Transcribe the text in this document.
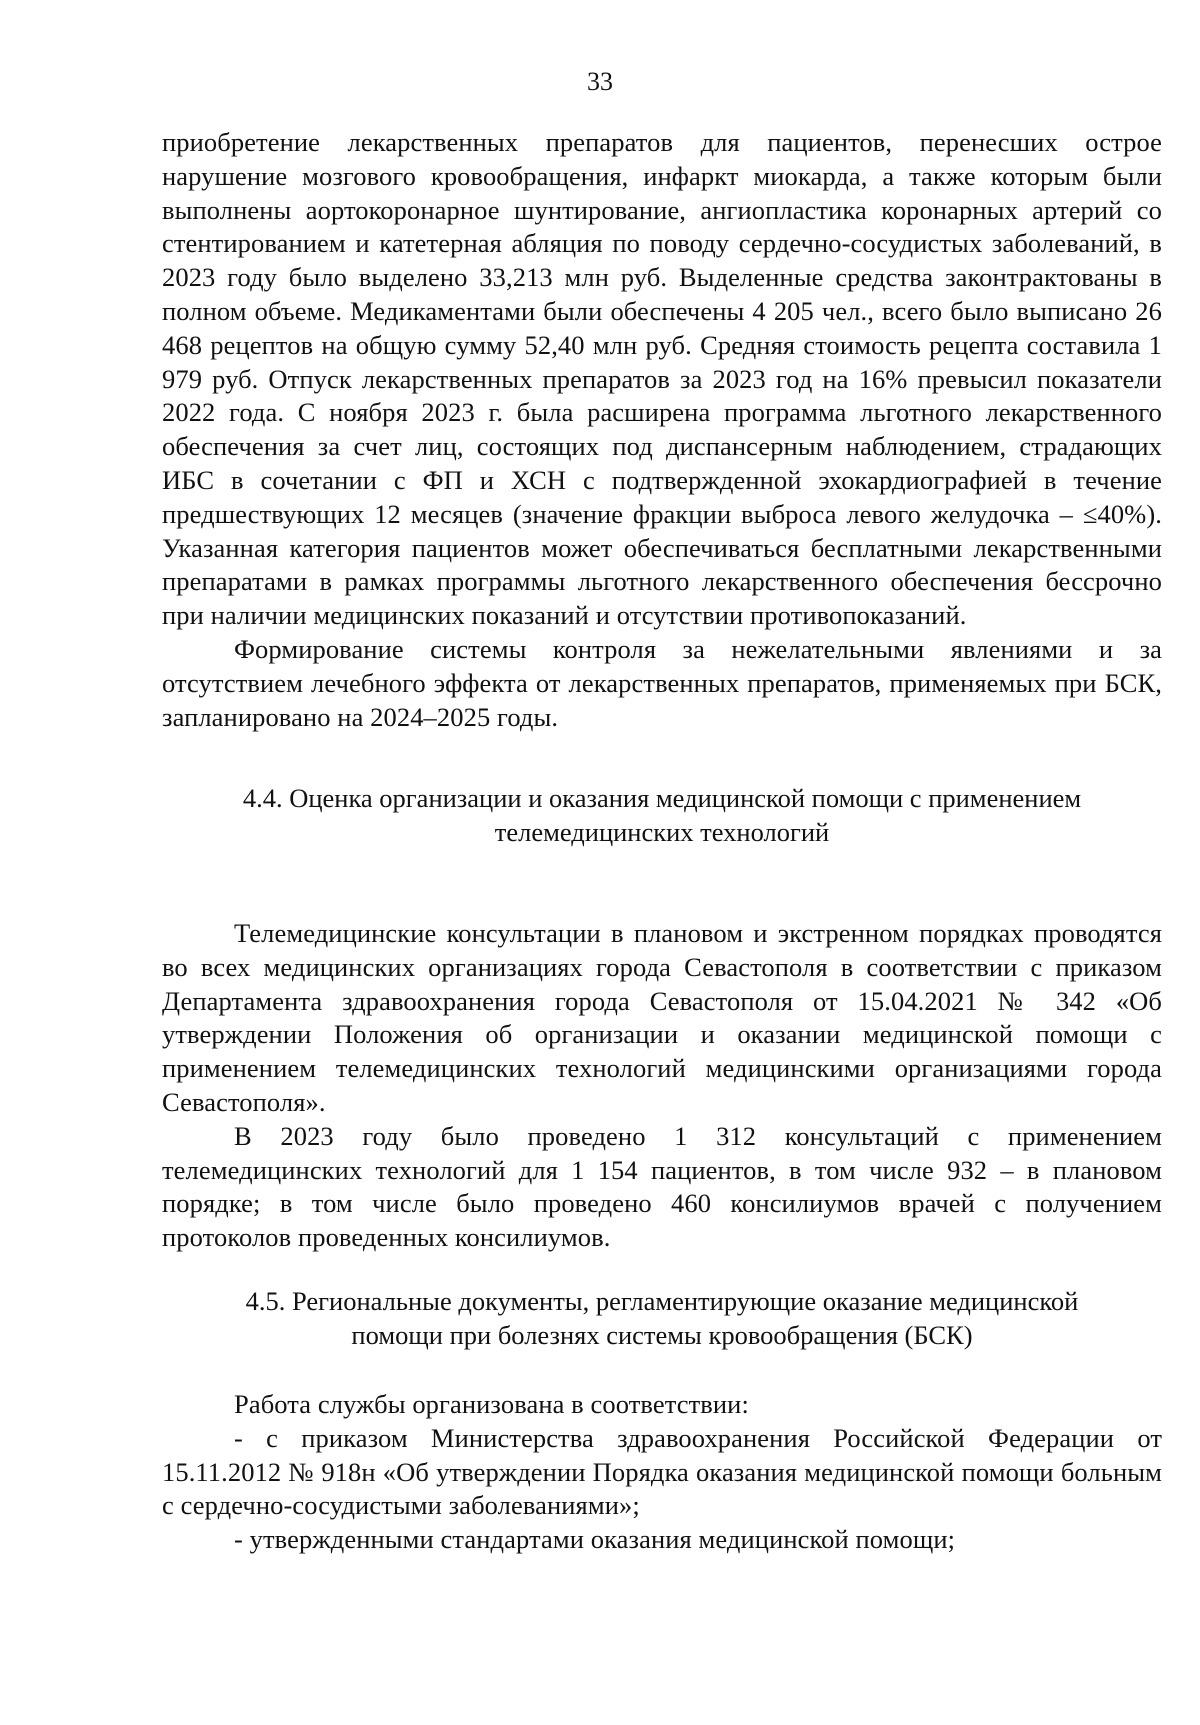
33

приобретение лекарственных препаратов для пациентов, перенесших острое нарушение мозгового кровообращения, инфаркт миокарда, а также которым были выполнены аортокоронарное шунтирование, ангиопластика коронарных артерий со стентированием и катетерная абляция по поводу сердечно-сосудистых заболеваний, в 2023 году было выделено 33,213 млн руб. Выделенные средства законтрактованы в полном объеме. Медикаментами были обеспечены 4 205 чел., всего было выписано 26 468 рецептов на общую сумму 52,40 млн руб. Средняя стоимость рецепта составила 1 979 руб. Отпуск лекарственных препаратов за 2023 год на 16% превысил показатели 2022 года. С ноября 2023 г. была расширена программа льготного лекарственного обеспечения за счет лиц, состоящих под диспансерным наблюдением, страдающих ИБС в сочетании с ФП и ХСН с подтвержденной эхокардиографией в течение предшествующих 12 месяцев (значение фракции выброса левого желудочка – ≤40%). Указанная категория пациентов может обеспечиваться бесплатными лекарственными препаратами в рамках программы льготного лекарственного обеспечения бессрочно при наличии медицинских показаний и отсутствии противопоказаний.

Формирование системы контроля за нежелательными явлениями и за отсутствием лечебного эффекта от лекарственных препаратов, применяемых при БСК, запланировано на 2024–2025 годы.

4.4. Оценка организации и оказания медицинской помощи с применением
телемедицинских технологий

Телемедицинские консультации в плановом и экстренном порядках проводятся во всех медицинских организациях города Севастополя в соответствии с приказом Департамента здравоохранения города Севастополя от 15.04.2021 № 342 «Об утверждении Положения об организации и оказании медицинской помощи с применением телемедицинских технологий медицинскими организациями города Севастополя».

В 2023 году было проведено 1 312 консультаций с применением телемедицинских технологий для 1 154 пациентов, в том числе 932 – в плановом порядке; в том числе было проведено 460 консилиумов врачей с получением протоколов проведенных консилиумов.

4.5. Региональные документы, регламентирующие оказание медицинской
помощи при болезнях системы кровообращения (БСК)

Работа службы организована в соответствии:

- с приказом Министерства здравоохранения Российской Федерации от 15.11.2012 № 918н «Об утверждении Порядка оказания медицинской помощи больным с сердечно-сосудистыми заболеваниями»;

- утвержденными стандартами оказания медицинской помощи;
